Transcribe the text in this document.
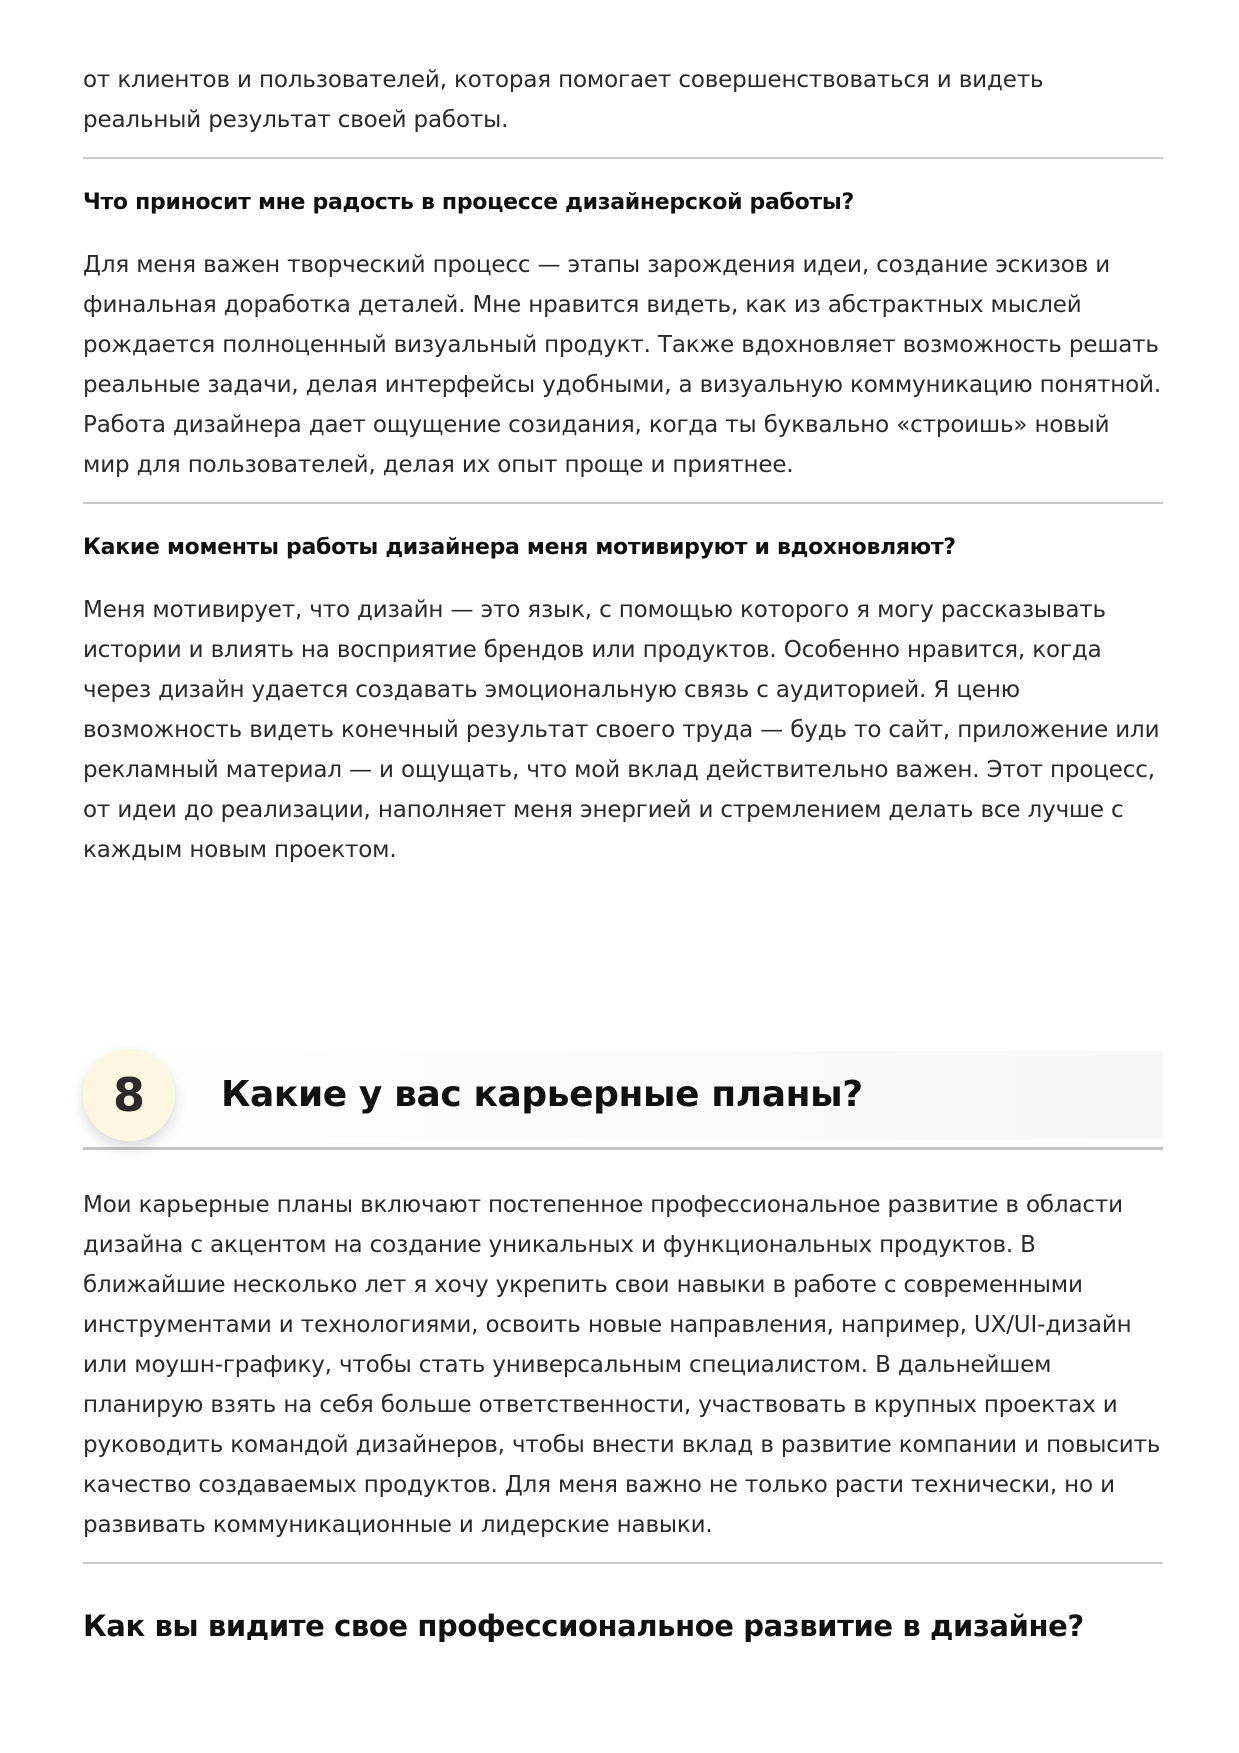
от клиентов и пользователей, которая помогает совершенствоваться и видеть реальный результат своей работы.

Что приносит мне радость в процессе дизайнерской работы?

Для меня важен творческий процесс — этапы зарождения идеи, создание эскизов и финальная доработка деталей. Мне нравится видеть, как из абстрактных мыслей рождается полноценный визуальный продукт. Также вдохновляет возможность решать реальные задачи, делая интерфейсы удобными, а визуальную коммуникацию понятной. Работа дизайнера дает ощущение созидания, когда ты буквально «строишь» новый мир для пользователей, делая их опыт проще и приятнее.

Какие моменты работы дизайнера меня мотивируют и вдохновляют?

Меня мотивирует, что дизайн — это язык, с помощью которого я могу рассказывать истории и влиять на восприятие брендов или продуктов. Особенно нравится, когда через дизайн удается создавать эмоциональную связь с аудиторией. Я ценю возможность видеть конечный результат своего труда — будь то сайт, приложение или рекламный материал — и ощущать, что мой вклад действительно важен. Этот процесс, от идеи до реализации, наполняет меня энергией и стремлением делать все лучше с каждым новым проектом.

8	Какие у вас карьерные планы?

Мои карьерные планы включают постепенное профессиональное развитие в области дизайна с акцентом на создание уникальных и функциональных продуктов. В ближайшие несколько лет я хочу укрепить свои навыки в работе с современными инструментами и технологиями, освоить новые направления, например, UX/UI-дизайн или моушн-графику, чтобы стать универсальным специалистом. В дальнейшем планирую взять на себя больше ответственности, участвовать в крупных проектах и руководить командой дизайнеров, чтобы внести вклад в развитие компании и повысить качество создаваемых продуктов. Для меня важно не только расти технически, но и развивать коммуникационные и лидерские навыки.

Как вы видите свое профессиональное развитие в дизайне?
